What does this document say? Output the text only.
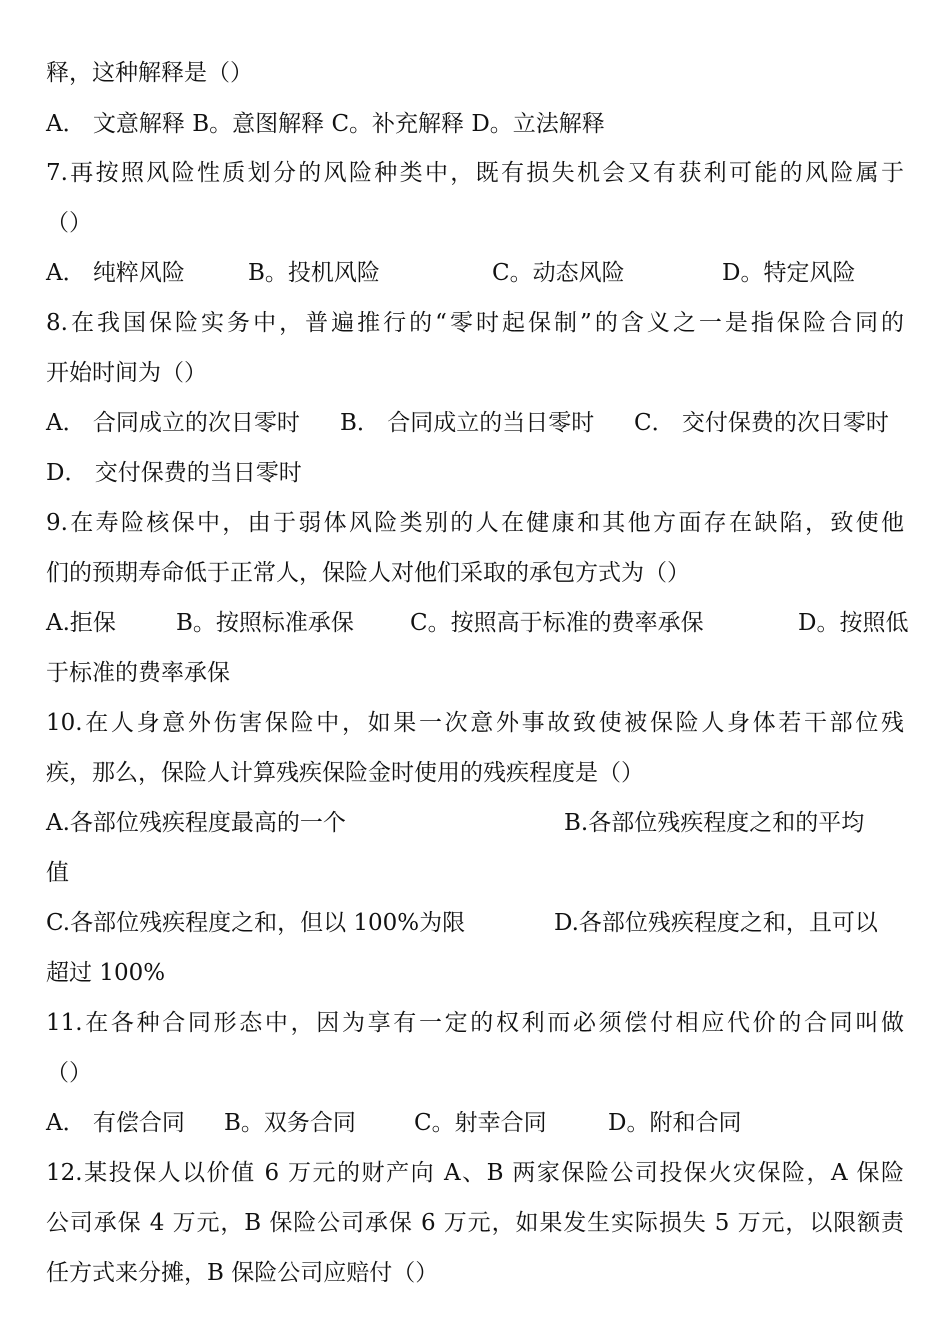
释，这种解释是（）
A． 文意解释 B。意图解释 C。补充解释 D。立法解释
7.再按照风险性质划分的风险种类中，既有损失机会又有获利可能的风险属于
（）
A． 纯粹风险	B。投机风险	C。动态风险	D。特定风险
8.在我国保险实务中，普遍推行的“零时起保制”的含义之一是指保险合同的
开始时间为（）
A． 合同成立的次日零时 B． 合同成立的当日零时 C． 交付保费的次日零时
D． 交付保费的当日零时
9.在寿险核保中，由于弱体风险类别的人在健康和其他方面存在缺陷，致使他
们的预期寿命低于正常人，保险人对他们采取的承包方式为（）
A.拒保	B。按照标准承保 C。按照高于标准的费率承保	D。按照低
于标准的费率承保
10.在人身意外伤害保险中，如果一次意外事故致使被保险人身体若干部位残
疾，那么，保险人计算残疾保险金时使用的残疾程度是（）
A.各部位残疾程度最高的一个	B.各部位残疾程度之和的平均
值
C.各部位残疾程度之和，但以 100%为限	D.各部位残疾程度之和，且可以
超过 100%
11.在各种合同形态中，因为享有一定的权利而必须偿付相应代价的合同叫做
（）
A． 有偿合同 B。双务合同	C。射幸合同	D。附和合同
12.某投保人以价值 6 万元的财产向 A、B 两家保险公司投保火灾保险，A 保险
公司承保 4 万元，B 保险公司承保 6 万元，如果发生实际损失 5 万元，以限额责
任方式来分摊，B 保险公司应赔付（）
